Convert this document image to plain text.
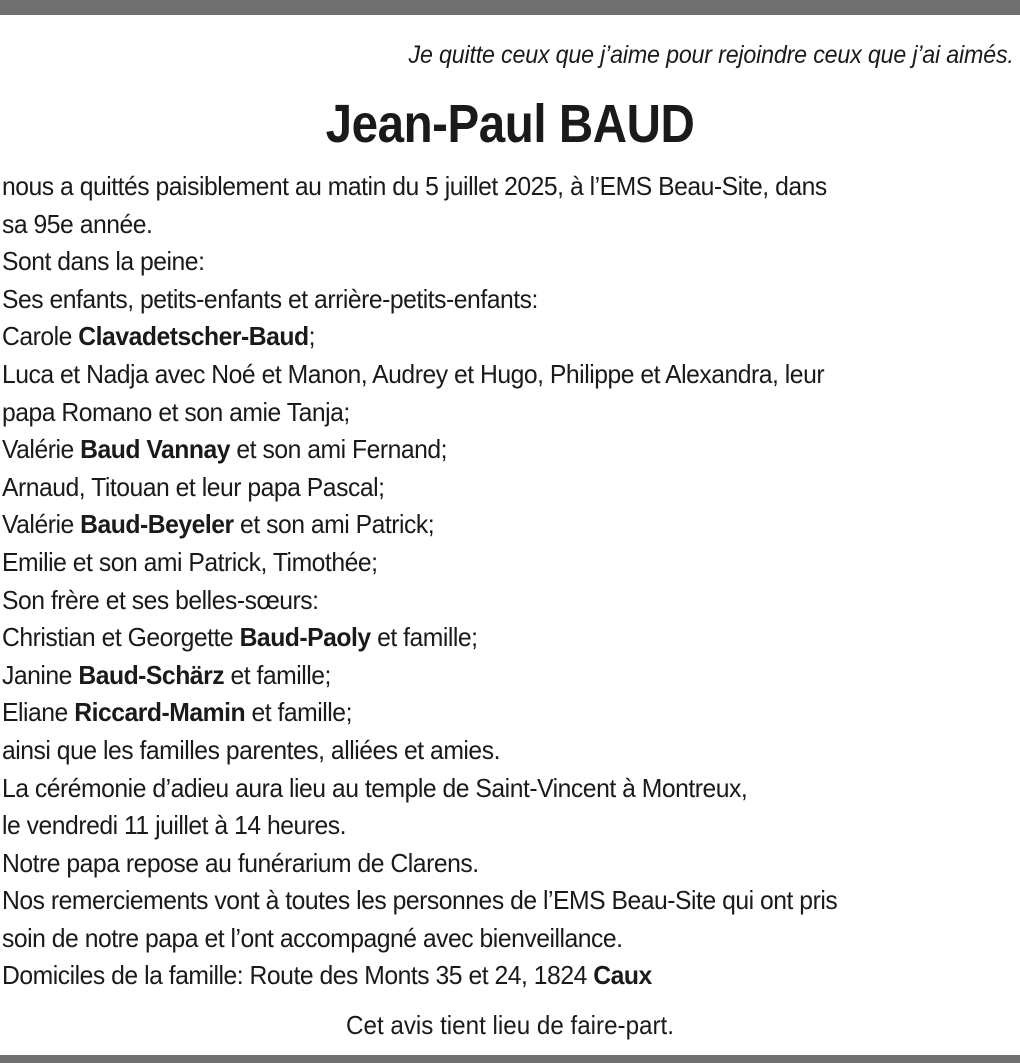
Je quitte ceux que j’aime pour rejoindre ceux que j’ai aimés.
Jean-Paul BAUD
nous a quittés paisiblement au matin du 5 juillet 2025, à l’EMS Beau-Site, dans
sa 95e année.
Sont dans la peine:
Ses enfants, petits-enfants et arrière-petits-enfants:
Carole Clavadetscher-Baud;
Luca et Nadja avec Noé et Manon, Audrey et Hugo, Philippe et Alexandra, leur
papa Romano et son amie Tanja;
Valérie Baud Vannay et son ami Fernand;
Arnaud, Titouan et leur papa Pascal;
Valérie Baud-Beyeler et son ami Patrick;
Emilie et son ami Patrick, Timothée;
Son frère et ses belles-sœurs:
Christian et Georgette Baud-Paoly et famille;
Janine Baud-Schärz et famille;
Eliane Riccard-Mamin et famille;
ainsi que les familles parentes, alliées et amies.
La cérémonie d’adieu aura lieu au temple de Saint-Vincent à Montreux,
le vendredi 11 juillet à 14 heures.
Notre papa repose au funérarium de Clarens.
Nos remerciements vont à toutes les personnes de l’EMS Beau-Site qui ont pris
soin de notre papa et l’ont accompagné avec bienveillance.
Domiciles de la famille: Route des Monts 35 et 24, 1824 Caux
Cet avis tient lieu de faire-part.
